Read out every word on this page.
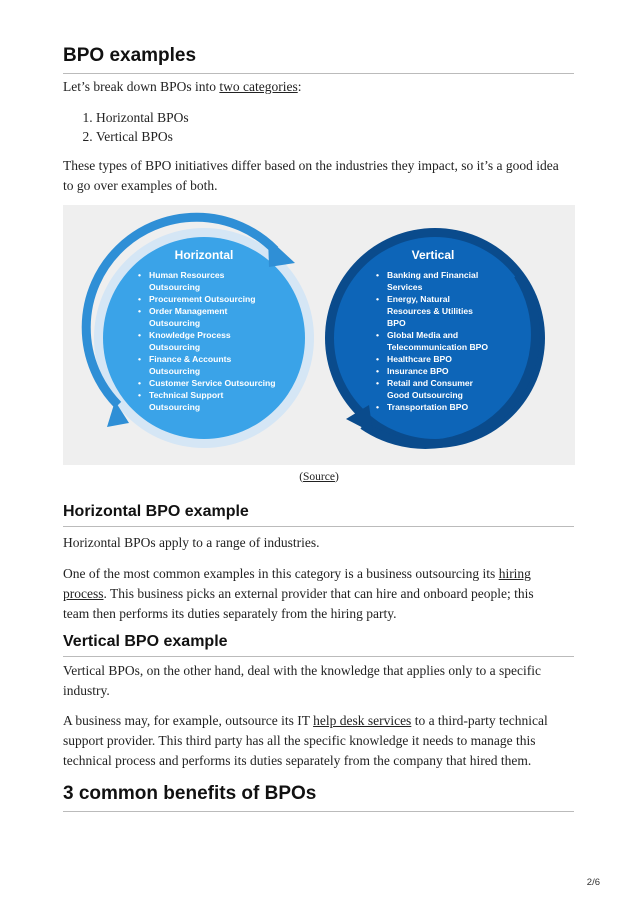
BPO examples

Let’s break down BPOs into two categories:

1. Horizontal BPOs
2. Vertical BPOs

These types of BPO initiatives differ based on the industries they impact, so it’s a good idea to go over examples of both.

Horizontal	Vertical
• Human Resources Outsourcing
• Procurement Outsourcing
• Order Management Outsourcing
• Knowledge Process Outsourcing
• Finance & Accounts Outsourcing
• Customer Service Outsourcing
• Technical Support Outsourcing
• Banking and Financial Services
• Energy, Natural Resources & Utilities BPO
• Global Media and Telecommunication BPO
• Healthcare BPO
• Insurance BPO
• Retail and Consumer Good Outsourcing
• Transportation BPO
(Source)
Horizontal BPO example

Horizontal BPOs apply to a range of industries.

One of the most common examples in this category is a business outsourcing its hiring process. This business picks an external provider that can hire and onboard people; this team then performs its duties separately from the hiring party.

Vertical BPO example

Vertical BPOs, on the other hand, deal with the knowledge that applies only to a specific industry.

A business may, for example, outsource its IT help desk services to a third-party technical support provider. This third party has all the specific knowledge it needs to manage this technical process and performs its duties separately from the company that hired them.

3 common benefits of BPOs
2/6
